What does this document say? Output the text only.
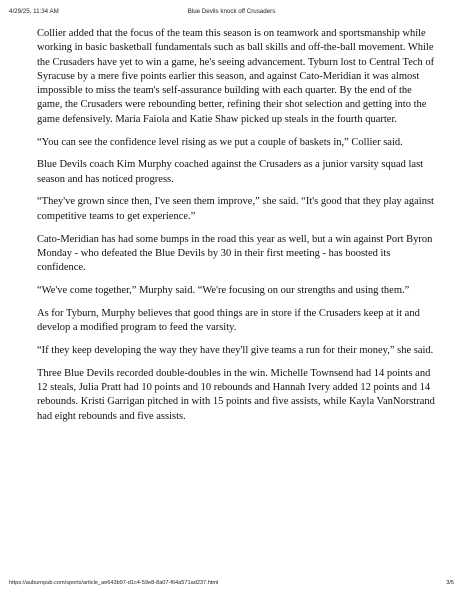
4/29/25, 11:34 AM	Blue Devils knock off Crusaders

Collier added that the focus of the team this season is on teamwork and sportsmanship while working in basic basketball fundamentals such as ball skills and off-the-ball movement. While the Crusaders have yet to win a game, he's seeing advancement. Tyburn lost to Central Tech of Syracuse by a mere five points earlier this season, and against Cato-Meridian it was almost impossible to miss the team's self-assurance building with each quarter. By the end of the game, the Crusaders were rebounding better, refining their shot selection and getting into the game defensively. Maria Faiola and Katie Shaw picked up steals in the fourth quarter.

“You can see the confidence level rising as we put a couple of baskets in,” Collier said.

Blue Devils coach Kim Murphy coached against the Crusaders as a junior varsity squad last season and has noticed progress.

“They've grown since then, I've seen them improve,” she said. “It's good that they play against competitive teams to get experience.”

Cato-Meridian has had some bumps in the road this year as well, but a win against Port Byron Monday - who defeated the Blue Devils by 30 in their first meeting - has boosted its confidence.

“We've come together,” Murphy said. “We're focusing on our strengths and using them.”

As for Tyburn, Murphy believes that good things are in store if the Crusaders keep at it and develop a modified program to feed the varsity.

“If they keep developing the way they have they'll give teams a run for their money,” she said.

Three Blue Devils recorded double-doubles in the win. Michelle Townsend had 14 points and 12 steals, Julia Pratt had 10 points and 10 rebounds and Hannah Ivery added 12 points and 14 rebounds. Kristi Garrigan pitched in with 15 points and five assists, while Kayla VanNorstrand had eight rebounds and five assists.

https://auburnpub.com/sports/article_ae643b97-d1c4-59e8-8a07-f64a571ad237.html	3/5
